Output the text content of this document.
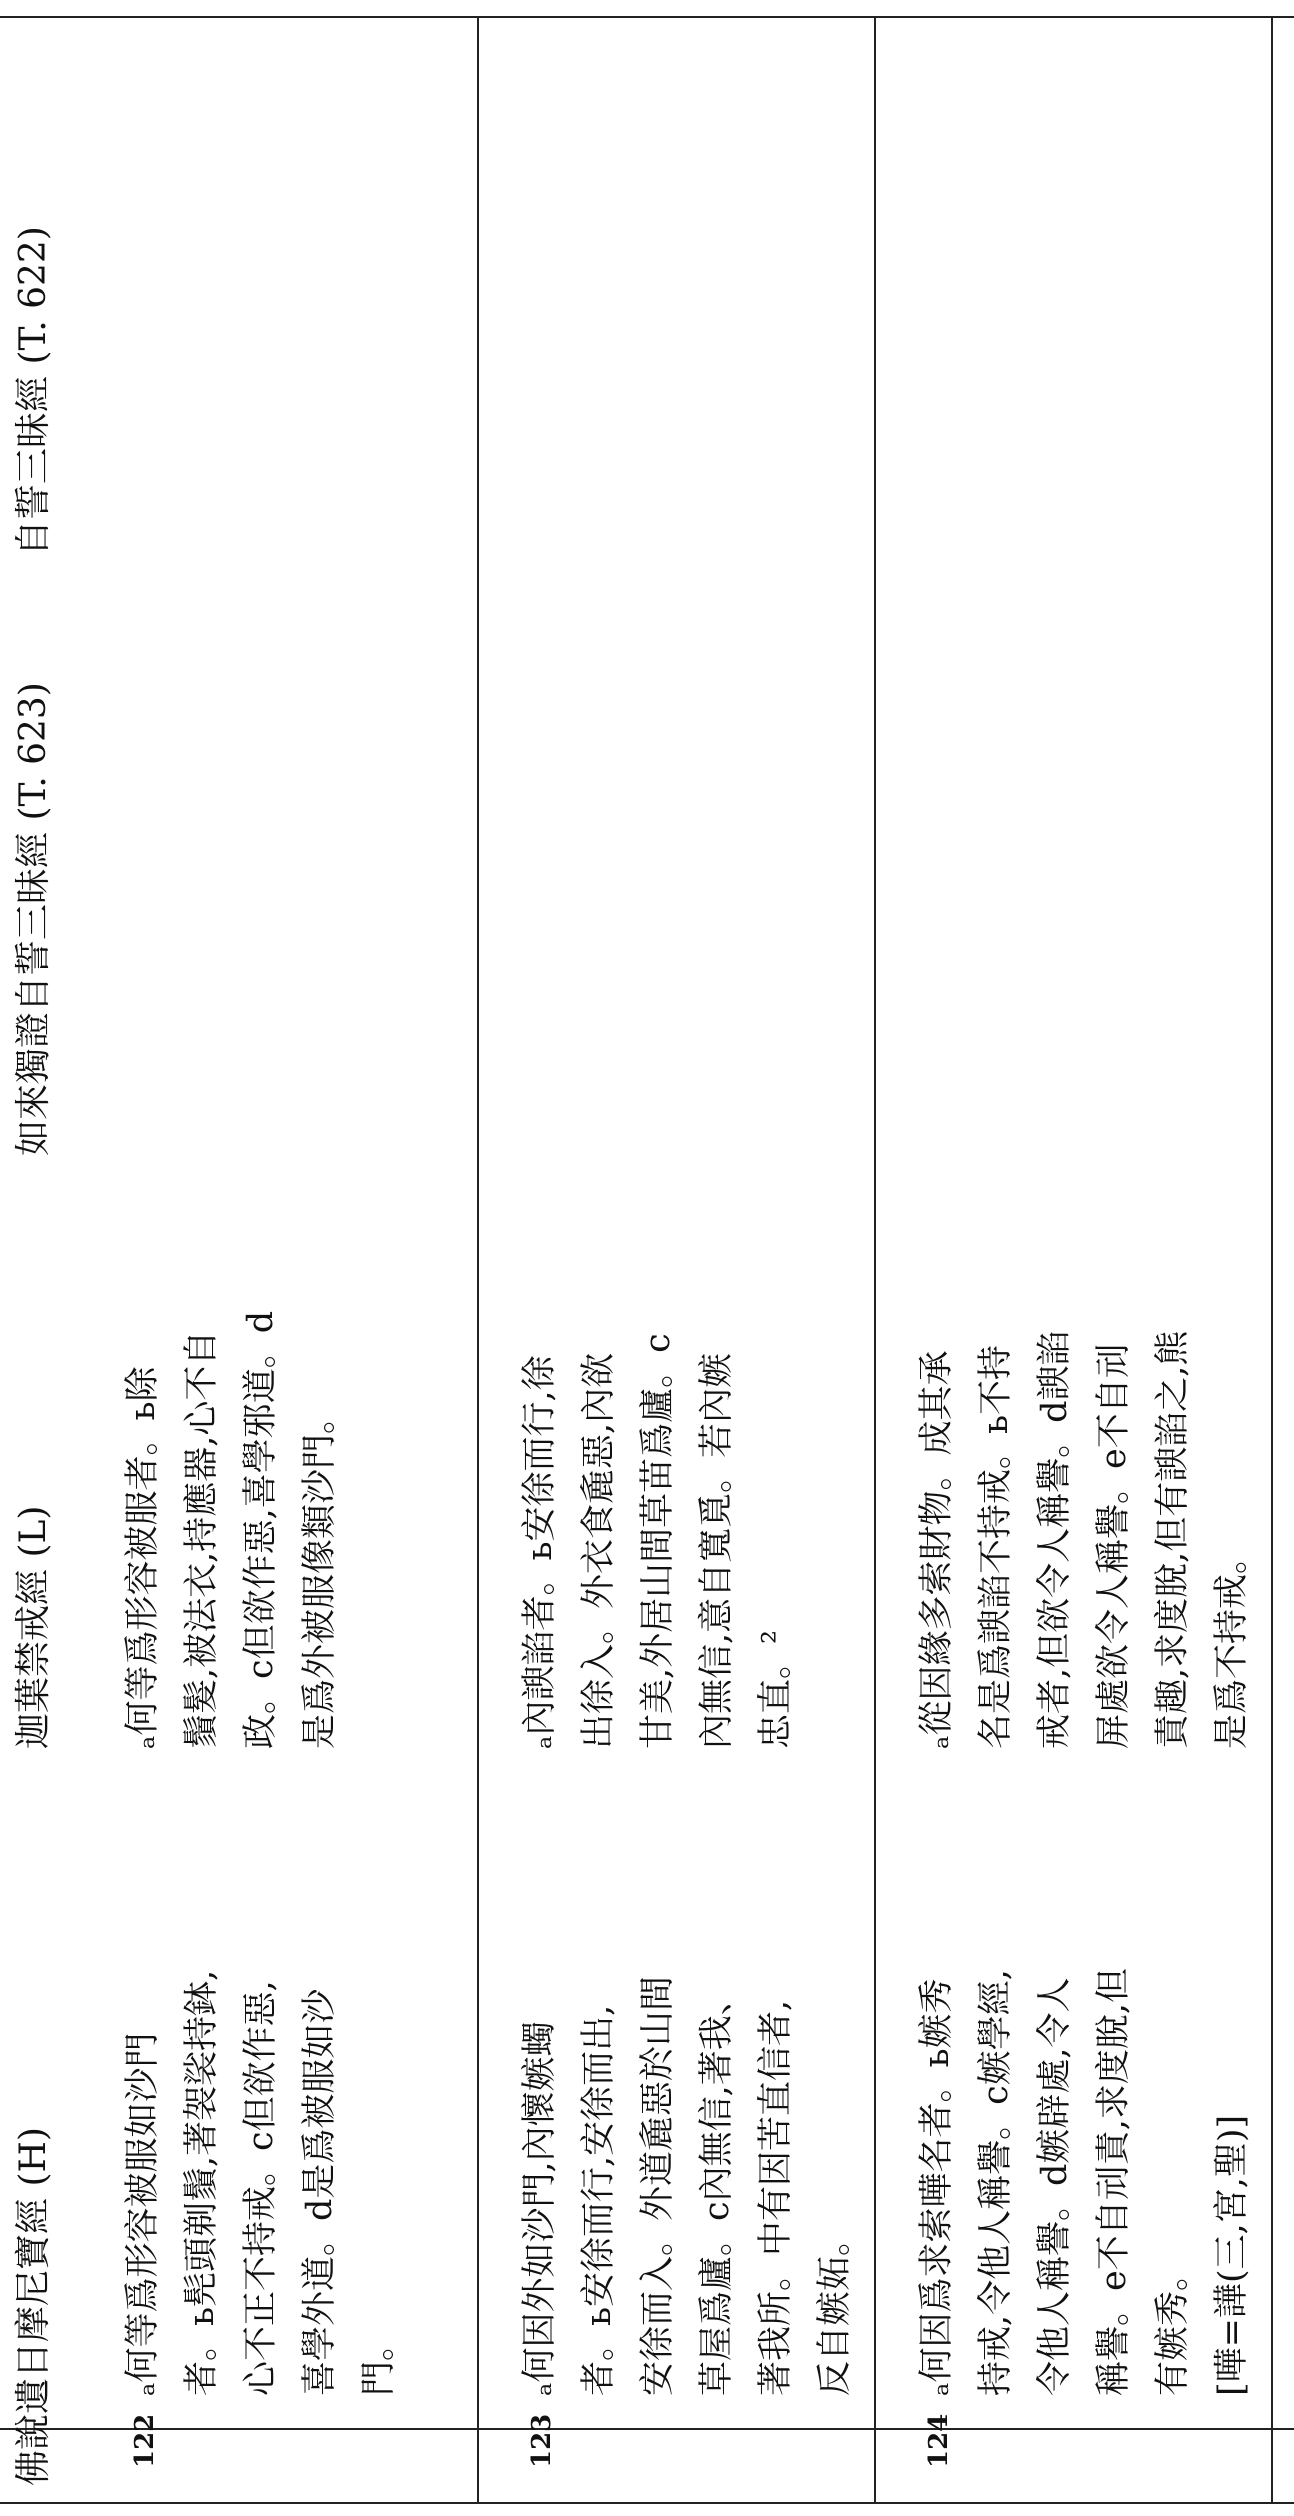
佛說遺日摩尼寶經 (H)
迦葉禁戒經 (L)
如來獨證自誓三昧經 (T. 623)
自誓三昧經 (T. 622)
122
ₐ何等爲形容被服如沙門 者。ь髡頭剃鬚,著袈裟持鉢, 心不正不持戒。c但欲作惡, 喜學外道。d是爲被服如沙 門。
ₐ何等爲形容被服者。ь除 鬚髮,被法衣,持應器,心不自 政。c但欲作惡,喜學邪道。d 是爲外被服像類沙門。
123
ₐ何因外如沙門,內懷嫉蠋 者。ь安徐而行,安徐而出, 安徐而入。外道麁惡於山間 草屋爲廬。c內無信,著我、 著我所。中有因苦直信者, 反自嫉妬。
ₐ內諛諂者。ь安徐而行,徐 出徐入。外衣食麁惡,內欲 甘美,外居山間草苗爲廬。c 內無信,意自寬覓。若內嫉 忠直。²
124
ₐ何因爲求索嘩名者。ь嫉秀 持戒,令他人稱譽。c嫉學經, 令他人稱譽。d嫉辟處,令人 稱譽。e不自刓責,求度脫,但 有嫉秀。 [嘩=譁(三,宮,聖)]
ₐ從因緣多索財物。成其承 名是爲諛諂不持戒。ь不持 戒者,但欲令人稱譽。d諛諂 屏處欲令人稱譽。e不自刓 責趣,求度脫,但有諛諂之,熊 是爲不持戒。
